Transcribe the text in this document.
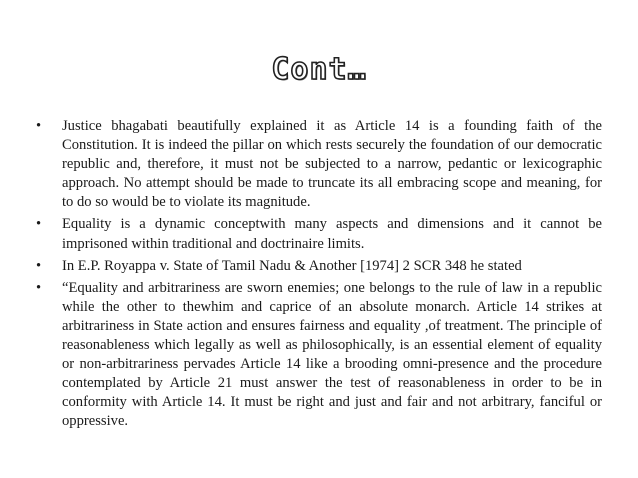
Cont…
•	Justice bhagabati beautifully explained it as Article 14 is a founding faith of the Constitution. It is indeed the pillar on which rests securely the foundation of our democratic republic and, therefore, it must not be subjected to a narrow, pedantic or lexicographic approach. No attempt should be made to truncate its all embracing scope and meaning, for to do so would be to violate its magnitude.
•	Equality is a dynamic conceptwith many aspects and dimensions and it cannot be imprisoned within traditional and doctrinaire limits.
•	In E.P. Royappa v. State of Tamil Nadu & Another [1974] 2 SCR 348 he stated
•	“Equality and arbitrariness are sworn enemies; one belongs to the rule of law in a republic while the other to thewhim and caprice of an absolute monarch. Article 14 strikes at arbitrariness in State action and ensures fairness and equality ,of treatment. The principle of reasonableness which legally as well as philosophically, is an essential element of equality or non-arbitrariness pervades Article 14 like a brooding omni-presence and the procedure contemplated by Article 21 must answer the test of reasonableness in order to be in conformity with Article 14. It must be right and just and fair and not arbitrary, fanciful or oppressive.
